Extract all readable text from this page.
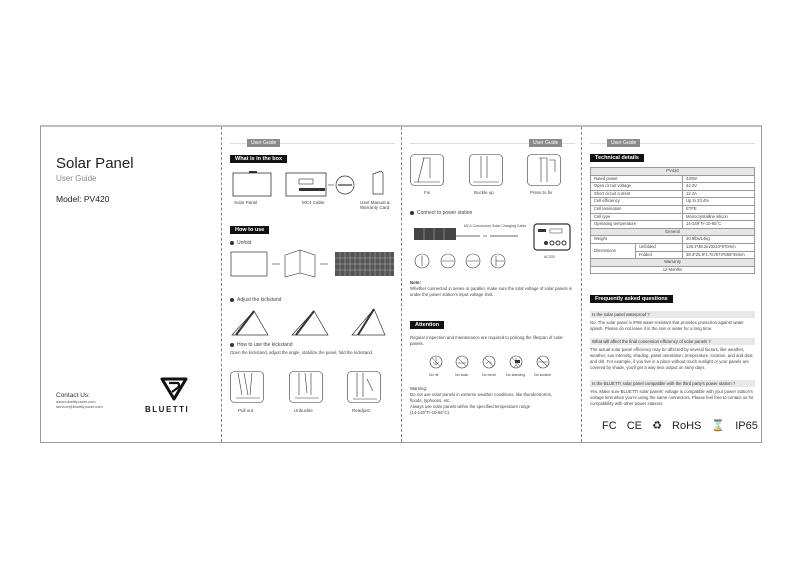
Solar Panel
User Guide
Model: PV420
Contact Us:
www.bluettipower.com
service@bluettipower.com	BLUETTI
User Guide
What is in the box
Solar Panel	MC4 Cable	User Manual &
Warranty Card
How to use
Unfold
Adjust the kickstand
How to use the kickstand
Open the kickstand, adjust the angle, stabilize the panel, fold the kickstand.
Pull out	Unbuckle	Readjust
User Guide
Fix	Buckle up	Press to fix
Connect to power station
MC4 Connectors Solar Charging Cable
AC200
Note:
Whether connected in series or parallel, make sure the total voltage of solar panels is under the power station's input voltage limit.
Attention
Regular inspection and maintenance are required to prolong the lifespan of solar panels.
No hit	No soak	No bend	No standing No scratch
Warning:
Do not use solar panels in extreme weather conditions, like thunderstorms,
floods, typhoons, etc.
Always use solar panels within the specified temperature range
(14-149°F/-10-65°C).
User Guide
Technical details
PV420		
Rated power		420W
Open circuit voltage		44.2V
Short circuit current		12.2A
Cell efficiency		Up to 23.4%
Cell lamination		ETFE
Cell type		Monocrystalline silicon
Operating temperature		14-149°F/-10-65°C
General		
Weight		30.9lbs/14kg
Dimensions	Unfolded	126.3*38.2in/3210*970mm
	Folded	38.3*25.9*1.7in/973*658*45mm
Warranty		
12 Months		
Frequently asked questions
Is the solar panel waterproof ?
No. The solar panel is IP65 water-resistant that provides protection against water splash. Please do not leave it in the rain or water for a long time.
What will affect the final conversion efficiency of solar panels ?
The actual solar panel efficiency may be affected by several factors, like weather, weather, sun intensity, shading, panel orientation, temperature, location, and and dust and dirt. For example, if you live in a place without much sunlight or your panels are covered by shade, you'll get a way less output on rainy days.
Is the BLUETTI solar panel compatible with the third party's power station ?
Yes. Make sure BLUETTI solar panels' voltage is compatible with your power station's voltage limit when you're using the same connectors. Please feel free to contact us for compatibility with other power stations.
FC CE ♻ RoHS ⌛ IP65
